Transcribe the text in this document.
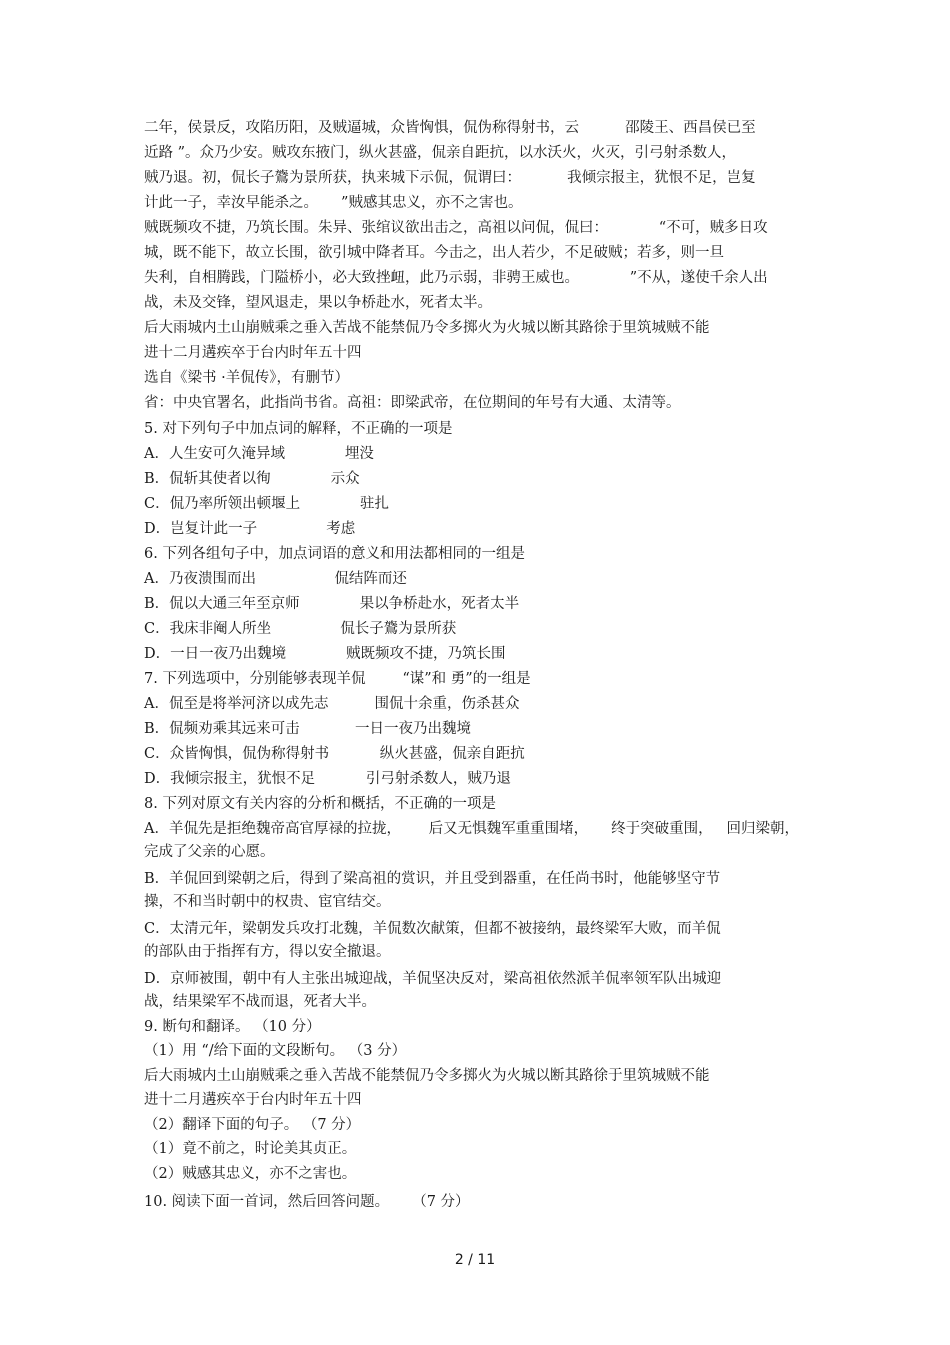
二年，侯景反，攻陷历阳，及贼逼城，众皆恟惧，侃伪称得射书，云          邵陵王、西昌侯已至
近路 ”。众乃少安。贼攻东掖门，纵火甚盛，侃亲自距抗，以水沃火，火灭，引弓射杀数人，
贼乃退。初，侃长子鷟为景所获，执来城下示侃，侃谓曰：          我倾宗报主，犹恨不足，岂复
计此一子，幸汝早能杀之。     ”贼感其忠义，亦不之害也。
贼既频攻不捷，乃筑长围。朱异、张绾议欲出击之，高祖以问侃，侃曰：           “不可，贼多日攻
城，既不能下，故立长围，欲引城中降者耳。今击之，出人若少，不足破贼；若多，则一旦
失利，自相腾践，门隘桥小，必大致挫衄，此乃示弱，非骋王威也。           ”不从，遂使千余人出
战，未及交锋，望风退走，果以争桥赴水，死者太半。
后大雨城内土山崩贼乘之垂入苦战不能禁侃乃令多掷火为火城以断其路徐于里筑城贼不能
进十二月遘疾卒于台内时年五十四
选自《梁书 ·羊侃传》，有删节）
省：中央官署名，此指尚书省。高祖：即梁武帝，在位期间的年号有大通、太清等。
5. 对下列句子中加点词的解释，不正确的一项是
A．人生安可久淹异域             埋没
B．侃斩其使者以徇             示众
C．侃乃率所领出顿堰上             驻扎
D．岂复计此一子               考虑
6. 下列各组句子中，加点词语的意义和用法都相同的一组是
A．乃夜溃围而出                 侃结阵而还
B．侃以大通三年至京师             果以争桥赴水，死者太半
C．我床非阉人所坐               侃长子鷟为景所获
D．一日一夜乃出魏境             贼既频攻不捷，乃筑长围
7. 下列选项中，分别能够表现羊侃        “谋”和 勇”的一组是
A．侃至是将举河济以成先志          围侃十余重，伤杀甚众
B．侃频劝乘其远来可击            一日一夜乃出魏境
C．众皆恟惧，侃伪称得射书           纵火甚盛，侃亲自距抗
D．我倾宗报主，犹恨不足           引弓射杀数人，贼乃退
8. 下列对原文有关内容的分析和概括，不正确的一项是
A．羊侃先是拒绝魏帝高官厚禄的拉拢，      后又无惧魏军重重围堵，     终于突破重围，   回归梁朝，
完成了父亲的心愿。
B．羊侃回到梁朝之后，得到了梁高祖的赏识，并且受到器重，在任尚书时，他能够坚守节
操，不和当时朝中的权贵、宦官结交。
C．太清元年，梁朝发兵攻打北魏，羊侃数次献策，但都不被接纳，最终梁军大败，而羊侃
的部队由于指挥有方，得以安全撤退。
D．京师被围，朝中有人主张出城迎战，羊侃坚决反对，梁高祖依然派羊侃率领军队出城迎
战，结果梁军不战而退，死者大半。
9. 断句和翻译。 （10 分）
（1）用 “/给下面的文段断句。 （3 分）
后大雨城内土山崩贼乘之垂入苦战不能禁侃乃令多掷火为火城以断其路徐于里筑城贼不能
进十二月遘疾卒于台内时年五十四
（2）翻译下面的句子。 （7 分）
（1）竟不前之，时论美其贞正。
（2）贼感其忠义，亦不之害也。
10. 阅读下面一首词，然后回答问题。     （7 分）
2 / 11
